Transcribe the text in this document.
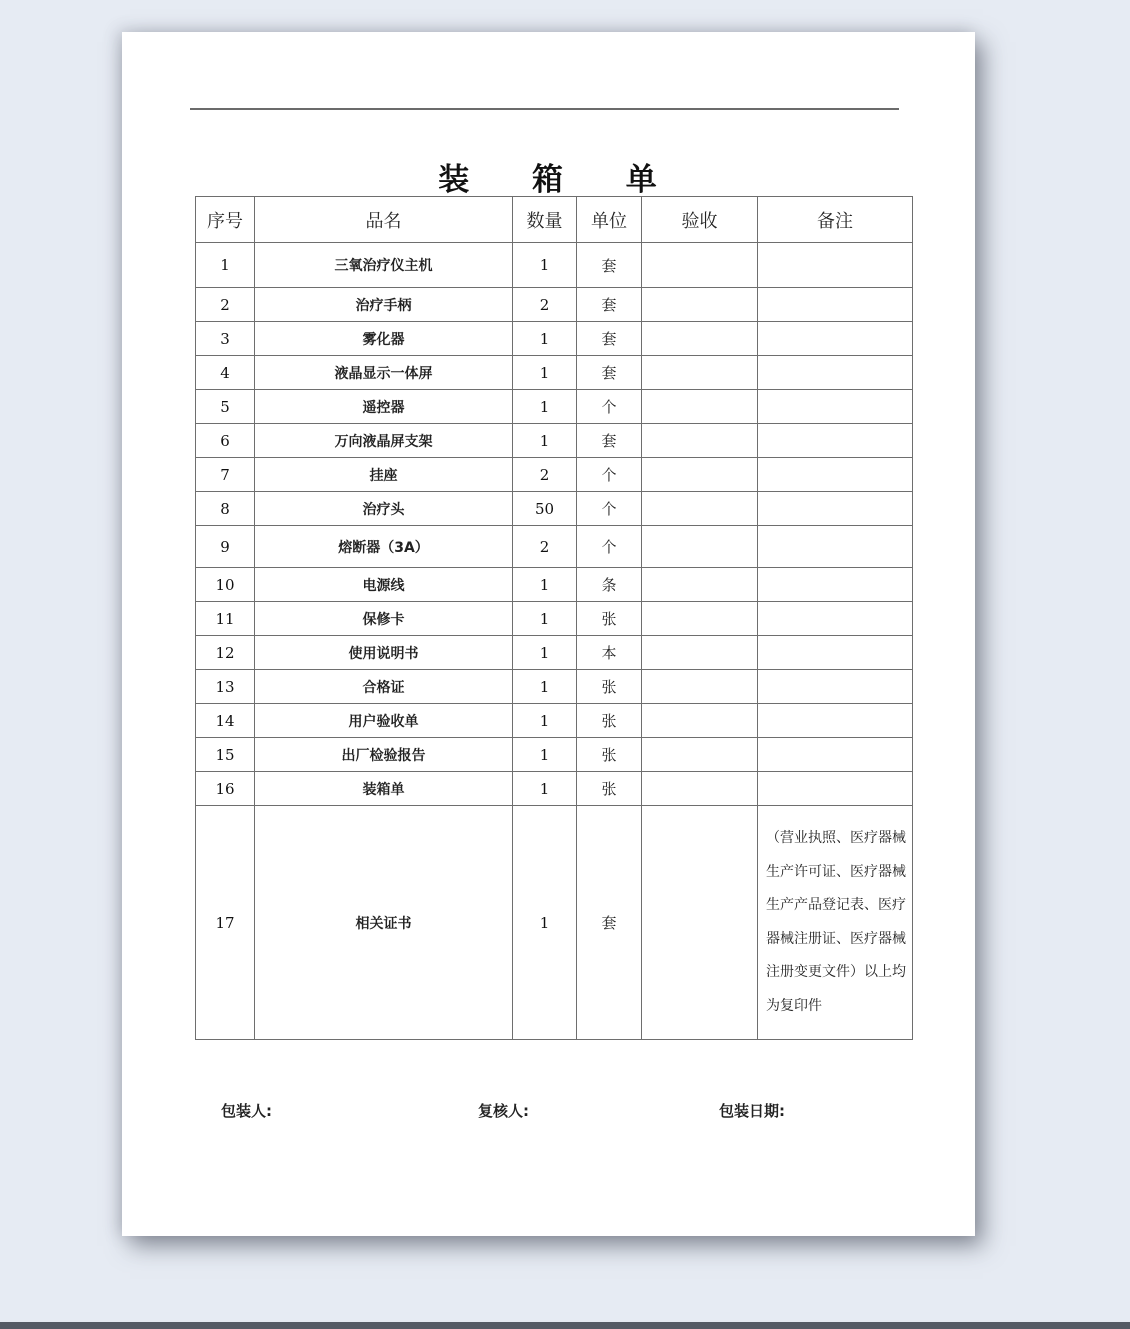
装 箱 单
序号	品名	数量	单位	验收	备注
1	三氧治疗仪主机	1	套		
2	治疗手柄	2	套		
3	雾化器	1	套		
4	液晶显示一体屏	1	套		
5	遥控器	1	个		
6	万向液晶屏支架	1	套		
7	挂座	2	个		
8	治疗头	50	个		
9	熔断器（3A）	2	个		
10	电源线	1	条		
11	保修卡	1	张		
12	使用说明书	1	本		
13	合格证	1	张		
14	用户验收单	1	张		
15	出厂检验报告	1	张		
16	装箱单	1	张		
17	相关证书	1	套		（营业执照、医疗器械生产许可证、医疗器械生产产品登记表、医疗器械注册证、医疗器械注册变更文件）以上均为复印件
包装人:	复核人:	包装日期:
